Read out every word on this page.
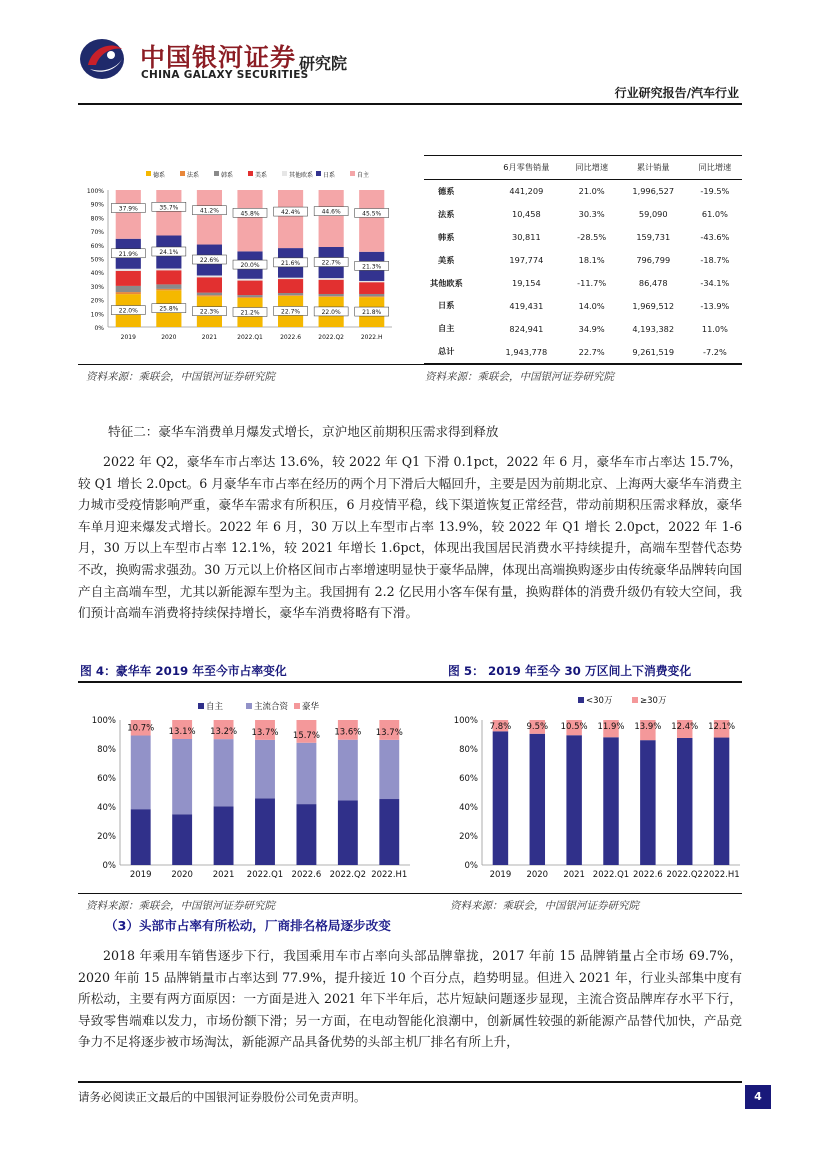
中国银河证券
CHINA GALAXY SECURITIES
研究院
行业研究报告/汽车行业
0%
10%
20%
30%
40%
50%
60%
70%
80%
90%
100%
德系	法系	韩系	美系	其他欧系 日系	自主
2019
22.0%
21.9%
37.9%
2020
25.8%
24.1%
35.7%
2021
22.3%
22.6%
41.2%
2022.Q1
21.2%
20.0%
45.8%
2022.6
22.7%
21.6%
42.4%
2022.Q2
22.0%
22.7%
44.6%
2022.H
21.8%
21.3%
45.5%
	6月零售销量	同比增速	累计销量	同比增速
德系	441,209	21.0%	1,996,527	-19.5%
法系	10,458	30.3%	59,090	61.0%
韩系	30,811	-28.5%	159,731	-43.6%
美系	197,774	18.1%	796,799	-18.7%
其他欧系	19,154	-11.7%	86,478	-34.1%
日系	419,431	14.0%	1,969,512	-13.9%
自主	824,941	34.9%	4,193,382	11.0%
总计	1,943,778	22.7%	9,261,519	-7.2%
资料来源：乘联会，中国银河证券研究院	资料来源：乘联会，中国银河证券研究院
特征二：豪华车消费单月爆发式增长，京沪地区前期积压需求得到释放

2022 年 Q2，豪华车市占率达 13.6%，较 2022 年 Q1 下滑 0.1pct，2022 年 6 月，豪华车市占率达 15.7%，较 Q1 增长 2.0pct。6 月豪华车市占率在经历的两个月下滑后大幅回升，主要是因为前期北京、上海两大豪华车消费主力城市受疫情影响严重，豪华车需求有所积压，6 月疫情平稳，线下渠道恢复正常经营，带动前期积压需求释放，豪华车单月迎来爆发式增长。2022 年 6 月，30 万以上车型市占率 13.9%，较 2022 年 Q1 增长 2.0pct，2022 年 1-6 月，30 万以上车型市占率 12.1%，较 2021 年增长 1.6pct，体现出我国居民消费水平持续提升，高端车型替代态势不改，换购需求强劲。30 万元以上价格区间市占率增速明显快于豪华品牌，体现出高端换购逐步由传统豪华品牌转向国产自主高端车型，尤其以新能源车型为主。我国拥有 2.2 亿民用小客车保有量，换购群体的消费升级仍有较大空间，我们预计高端车消费将持续保持增长，豪华车消费将略有下滑。

图 4：豪华车 2019 年至今市占率变化	图 5： 2019 年至今 30 万区间上下消费变化
0%
20%
40%
60%
80%
100%
自主	主流合资 豪华
2019
10.7%
2020
13.1%
2021
13.2%
2022.Q1
13.7%
2022.6
15.7%
2022.Q2
13.6%
2022.H1
13.7%
0%
20%
40%
60%
80%
100%
<30万	≥30万
2019
7.8%
2020
9.5%
2021
10.5%
2022.Q1
11.9%
2022.6
13.9%
2022.Q2
12.4%
2022.H1
12.1%
资料来源：乘联会，中国银河证券研究院	资料来源：乘联会，中国银河证券研究院
（3）头部市占率有所松动，厂商排名格局逐步改变

2018 年乘用车销售逐步下行，我国乘用车市占率向头部品牌靠拢，2017 年前 15 品牌销量占全市场 69.7%，2020 年前 15 品牌销量市占率达到 77.9%，提升接近 10 个百分点，趋势明显。但进入 2021 年，行业头部集中度有所松动，主要有两方面原因：一方面是进入 2021 年下半年后，芯片短缺问题逐步显现，主流合资品牌库存水平下行，导致零售端难以发力，市场份额下滑；另一方面，在电动智能化浪潮中，创新属性较强的新能源产品替代加快，产品竞争力不足将逐步被市场淘汰，新能源产品具备优势的头部主机厂排名有所上升，

请务必阅读正文最后的中国银河证券股份公司免责声明。	4
